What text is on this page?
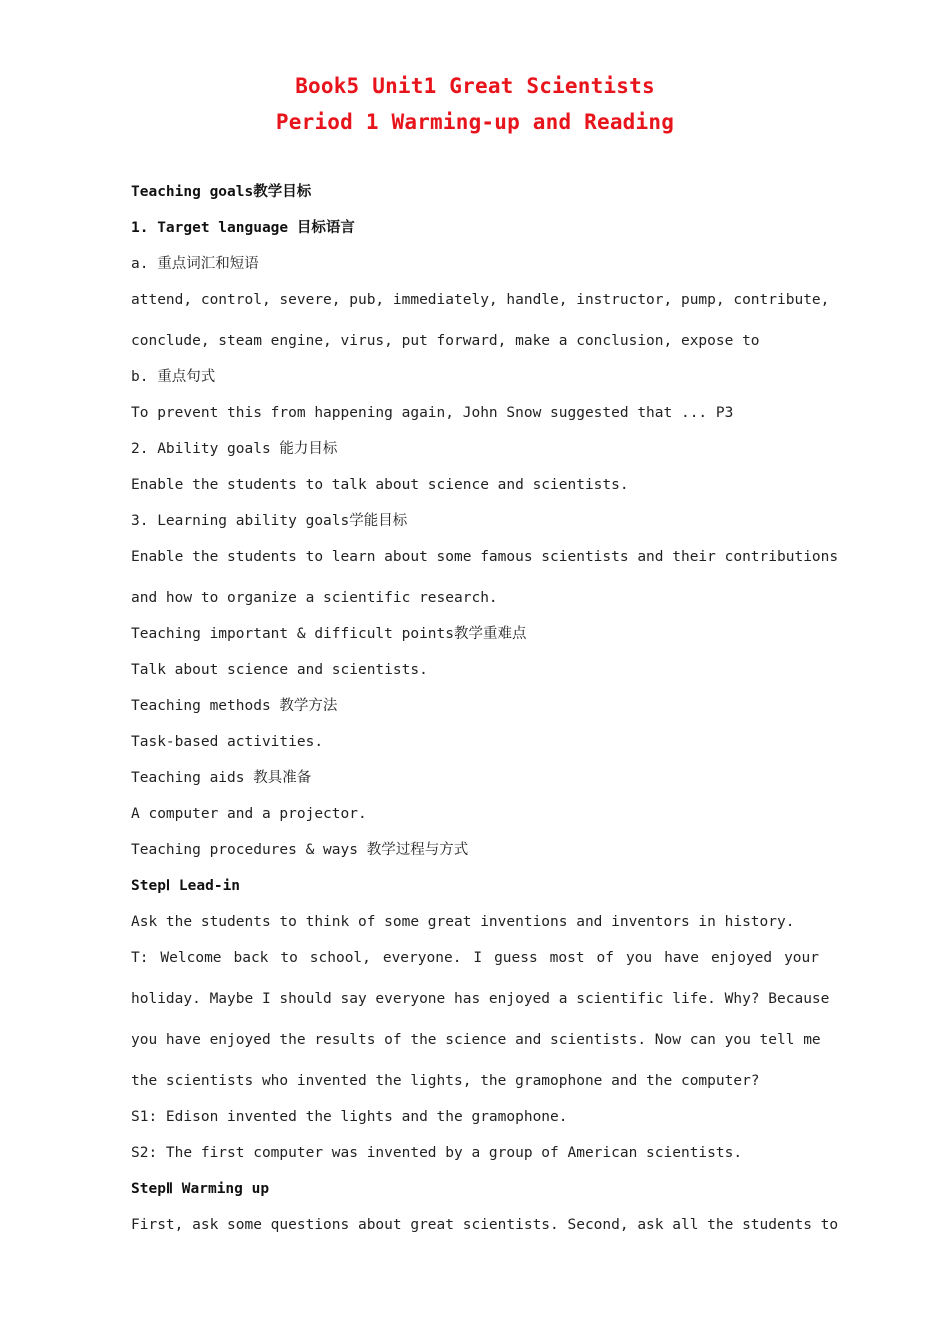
Book5 Unit1 Great Scientists
Period 1 Warming-up and Reading
Teaching goals教学目标
1. Target language 目标语言
a. 重点词汇和短语
attend, control, severe, pub, immediately, handle, instructor, pump, contribute,
conclude, steam engine, virus, put forward, make a conclusion, expose to
b. 重点句式
To prevent this from happening again, John Snow suggested that ... P3
2. Ability goals 能力目标
Enable the students to talk about science and scientists.
3. Learning ability goals学能目标
Enable the students to learn about some famous scientists and their contributions
and how to organize a scientific research.
Teaching important & difficult points教学重难点
Talk about science and scientists.
Teaching methods 教学方法
Task-based activities.
Teaching aids 教具准备
A computer and a projector.
Teaching procedures & ways 教学过程与方式
StepⅠ Lead-in
Ask the students to think of some great inventions and inventors in history.
T: Welcome back to school, everyone. I guess most of you have enjoyed your
holiday. Maybe I should say everyone has enjoyed a scientific life. Why? Because
you have enjoyed the results of the science and scientists. Now can you tell me
the scientists who invented the lights, the gramophone and the computer?
S1: Edison invented the lights and the gramophone.
S2: The first computer was invented by a group of American scientists.
StepⅡ Warming up
First, ask some questions about great scientists. Second, ask all the students to
